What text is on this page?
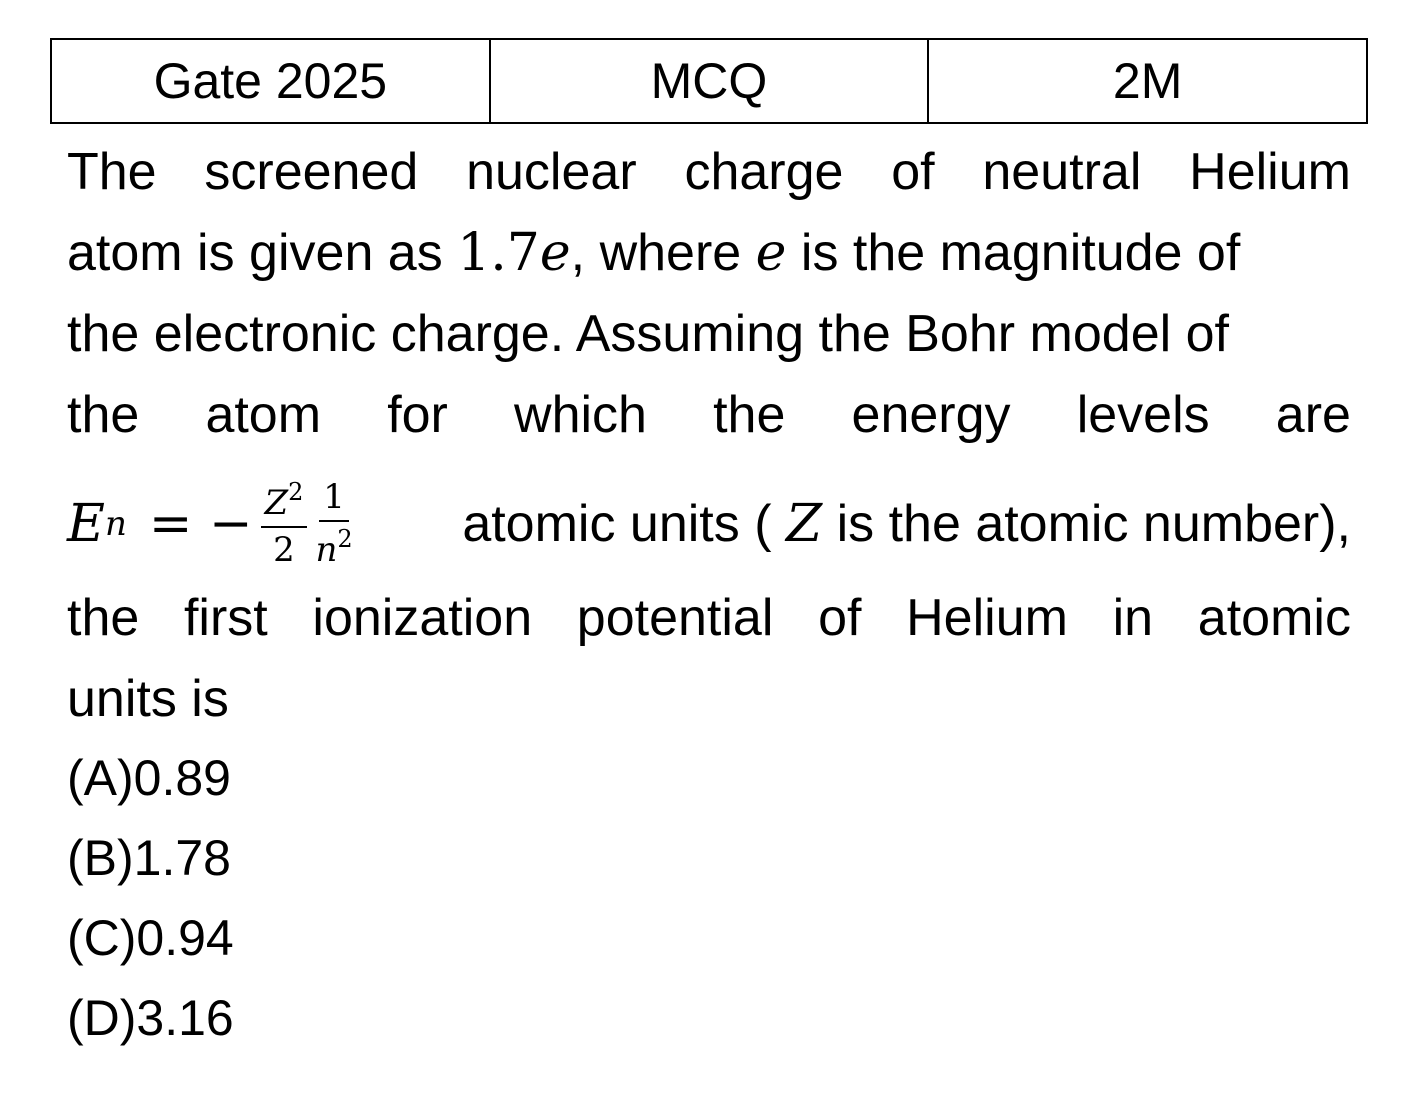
Gate 2025	MCQ	2M
The screened nuclear charge of neutral Helium
atom is given as 1.7e, where e is the magnitude of
the electronic charge. Assuming the Bohr model of
the atom for which the energy levels are
E n = − $\frac{Z^2}{2} \frac{1}{n^2}$ atomic units ( Z is the atomic number),
the first ionization potential of Helium in atomic
units is
(A)0.89
(B)1.78
(C)0.94
(D)3.16
